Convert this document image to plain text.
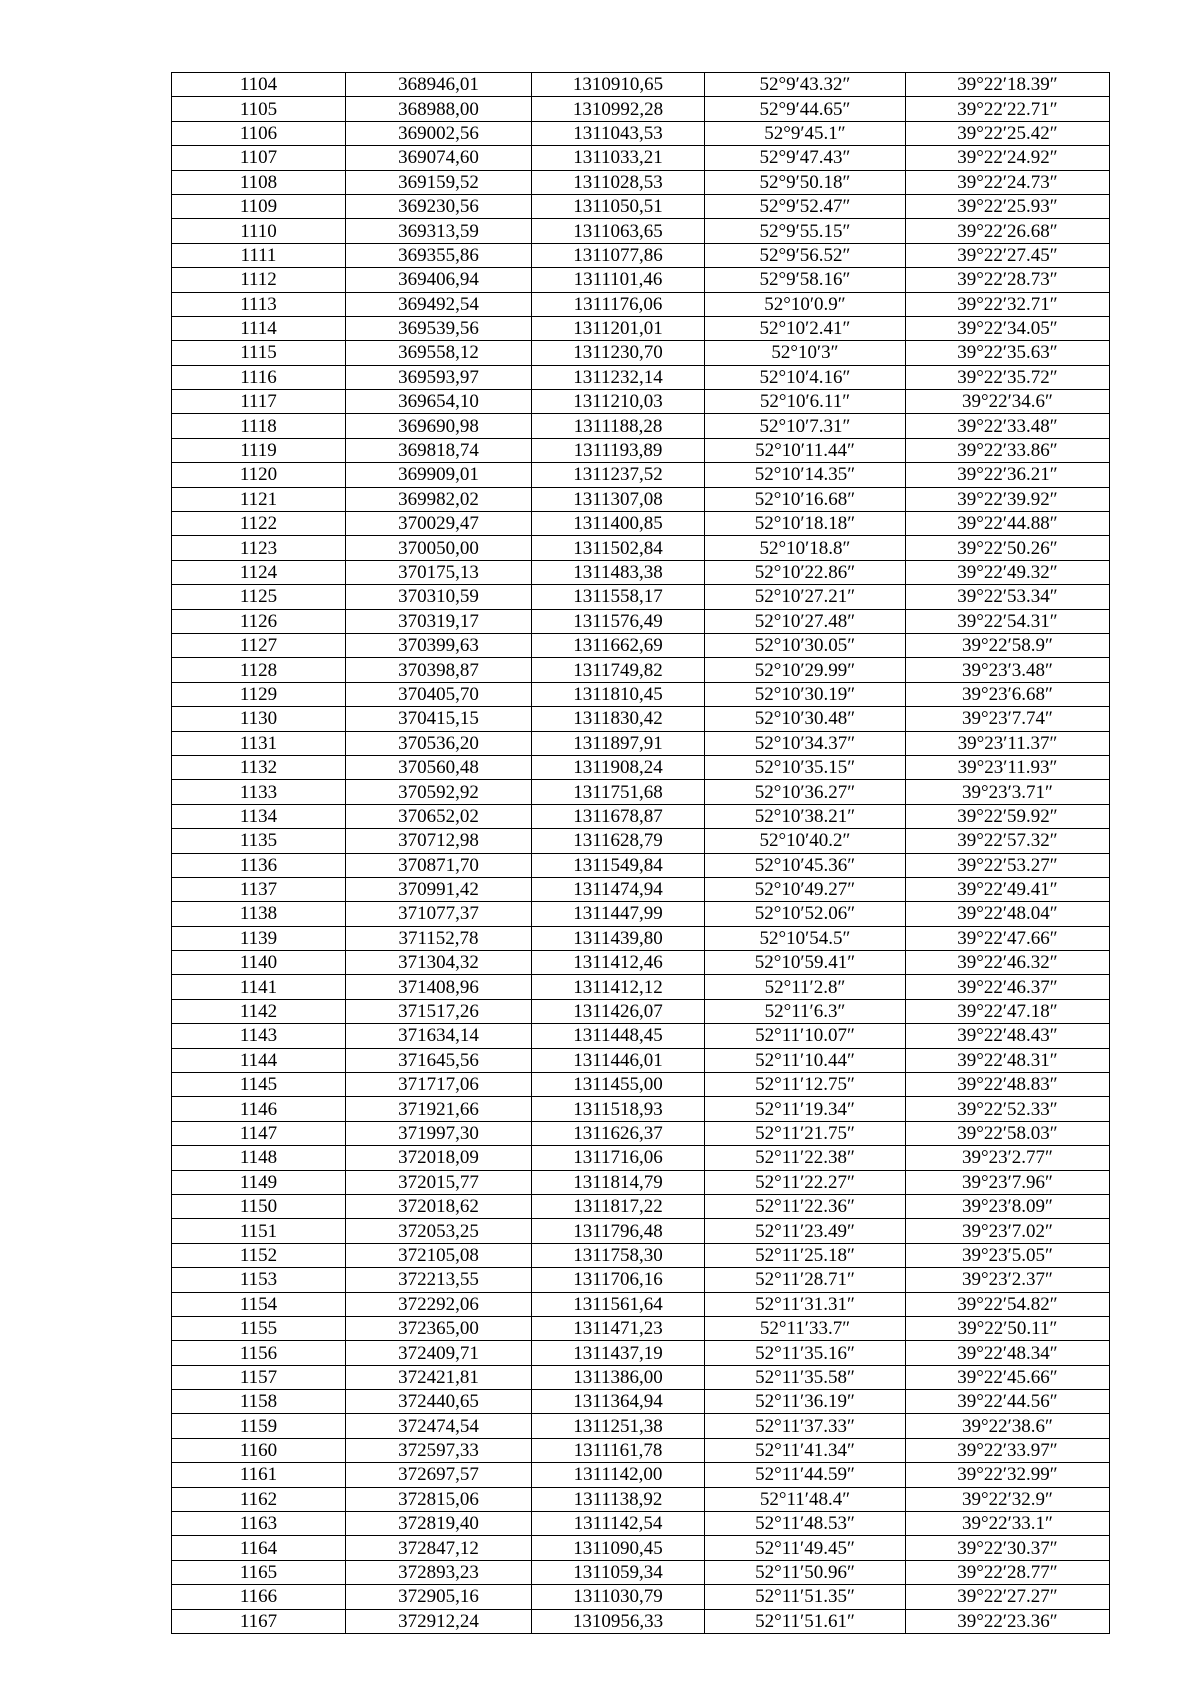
1104	368946,01	1310910,65	52°9′43.32″	39°22′18.39″
1105	368988,00	1310992,28	52°9′44.65″	39°22′22.71″
1106	369002,56	1311043,53	52°9′45.1″	39°22′25.42″
1107	369074,60	1311033,21	52°9′47.43″	39°22′24.92″
1108	369159,52	1311028,53	52°9′50.18″	39°22′24.73″
1109	369230,56	1311050,51	52°9′52.47″	39°22′25.93″
1110	369313,59	1311063,65	52°9′55.15″	39°22′26.68″
1111	369355,86	1311077,86	52°9′56.52″	39°22′27.45″
1112	369406,94	1311101,46	52°9′58.16″	39°22′28.73″
1113	369492,54	1311176,06	52°10′0.9″	39°22′32.71″
1114	369539,56	1311201,01	52°10′2.41″	39°22′34.05″
1115	369558,12	1311230,70	52°10′3″	39°22′35.63″
1116	369593,97	1311232,14	52°10′4.16″	39°22′35.72″
1117	369654,10	1311210,03	52°10′6.11″	39°22′34.6″
1118	369690,98	1311188,28	52°10′7.31″	39°22′33.48″
1119	369818,74	1311193,89	52°10′11.44″	39°22′33.86″
1120	369909,01	1311237,52	52°10′14.35″	39°22′36.21″
1121	369982,02	1311307,08	52°10′16.68″	39°22′39.92″
1122	370029,47	1311400,85	52°10′18.18″	39°22′44.88″
1123	370050,00	1311502,84	52°10′18.8″	39°22′50.26″
1124	370175,13	1311483,38	52°10′22.86″	39°22′49.32″
1125	370310,59	1311558,17	52°10′27.21″	39°22′53.34″
1126	370319,17	1311576,49	52°10′27.48″	39°22′54.31″
1127	370399,63	1311662,69	52°10′30.05″	39°22′58.9″
1128	370398,87	1311749,82	52°10′29.99″	39°23′3.48″
1129	370405,70	1311810,45	52°10′30.19″	39°23′6.68″
1130	370415,15	1311830,42	52°10′30.48″	39°23′7.74″
1131	370536,20	1311897,91	52°10′34.37″	39°23′11.37″
1132	370560,48	1311908,24	52°10′35.15″	39°23′11.93″
1133	370592,92	1311751,68	52°10′36.27″	39°23′3.71″
1134	370652,02	1311678,87	52°10′38.21″	39°22′59.92″
1135	370712,98	1311628,79	52°10′40.2″	39°22′57.32″
1136	370871,70	1311549,84	52°10′45.36″	39°22′53.27″
1137	370991,42	1311474,94	52°10′49.27″	39°22′49.41″
1138	371077,37	1311447,99	52°10′52.06″	39°22′48.04″
1139	371152,78	1311439,80	52°10′54.5″	39°22′47.66″
1140	371304,32	1311412,46	52°10′59.41″	39°22′46.32″
1141	371408,96	1311412,12	52°11′2.8″	39°22′46.37″
1142	371517,26	1311426,07	52°11′6.3″	39°22′47.18″
1143	371634,14	1311448,45	52°11′10.07″	39°22′48.43″
1144	371645,56	1311446,01	52°11′10.44″	39°22′48.31″
1145	371717,06	1311455,00	52°11′12.75″	39°22′48.83″
1146	371921,66	1311518,93	52°11′19.34″	39°22′52.33″
1147	371997,30	1311626,37	52°11′21.75″	39°22′58.03″
1148	372018,09	1311716,06	52°11′22.38″	39°23′2.77″
1149	372015,77	1311814,79	52°11′22.27″	39°23′7.96″
1150	372018,62	1311817,22	52°11′22.36″	39°23′8.09″
1151	372053,25	1311796,48	52°11′23.49″	39°23′7.02″
1152	372105,08	1311758,30	52°11′25.18″	39°23′5.05″
1153	372213,55	1311706,16	52°11′28.71″	39°23′2.37″
1154	372292,06	1311561,64	52°11′31.31″	39°22′54.82″
1155	372365,00	1311471,23	52°11′33.7″	39°22′50.11″
1156	372409,71	1311437,19	52°11′35.16″	39°22′48.34″
1157	372421,81	1311386,00	52°11′35.58″	39°22′45.66″
1158	372440,65	1311364,94	52°11′36.19″	39°22′44.56″
1159	372474,54	1311251,38	52°11′37.33″	39°22′38.6″
1160	372597,33	1311161,78	52°11′41.34″	39°22′33.97″
1161	372697,57	1311142,00	52°11′44.59″	39°22′32.99″
1162	372815,06	1311138,92	52°11′48.4″	39°22′32.9″
1163	372819,40	1311142,54	52°11′48.53″	39°22′33.1″
1164	372847,12	1311090,45	52°11′49.45″	39°22′30.37″
1165	372893,23	1311059,34	52°11′50.96″	39°22′28.77″
1166	372905,16	1311030,79	52°11′51.35″	39°22′27.27″
1167	372912,24	1310956,33	52°11′51.61″	39°22′23.36″
